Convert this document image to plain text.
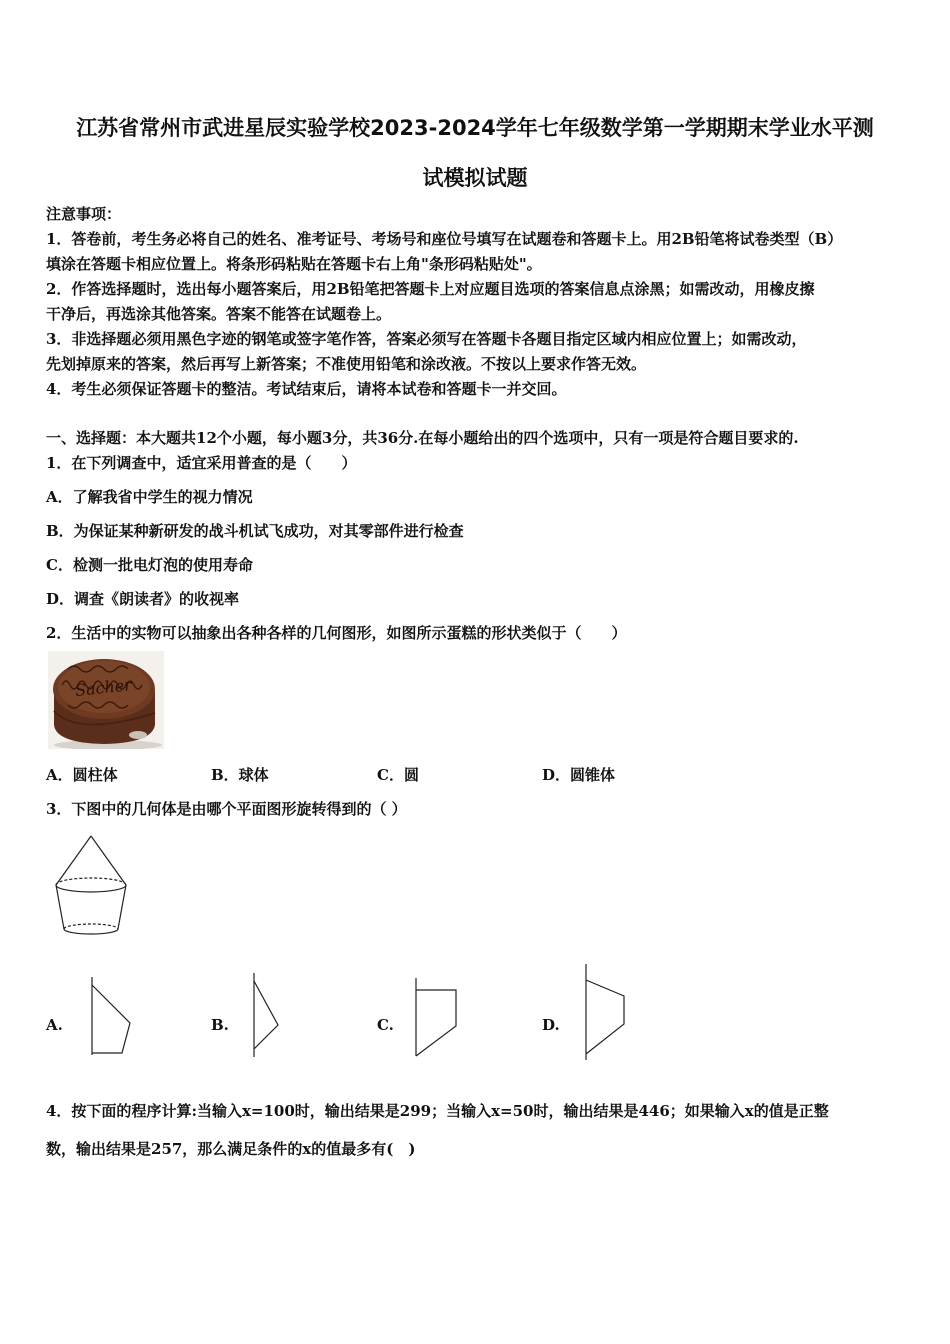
江苏省常州市武进星辰实验学校2023-2024学年七年级数学第一学期期末学业水平测
试模拟试题
注意事项：
1．答卷前，考生务必将自己的姓名、准考证号、考场号和座位号填写在试题卷和答题卡上。用2B铅笔将试卷类型（B）
填涂在答题卡相应位置上。将条形码粘贴在答题卡右上角"条形码粘贴处"。
2．作答选择题时，选出每小题答案后，用2B铅笔把答题卡上对应题目选项的答案信息点涂黑；如需改动，用橡皮擦
干净后，再选涂其他答案。答案不能答在试题卷上。
3．非选择题必须用黑色字迹的钢笔或签字笔作答，答案必须写在答题卡各题目指定区域内相应位置上；如需改动，
先划掉原来的答案，然后再写上新答案；不准使用铅笔和涂改液。不按以上要求作答无效。
4．考生必须保证答题卡的整洁。考试结束后，请将本试卷和答题卡一并交回。
一、选择题：本大题共12个小题，每小题3分，共36分.在每小题给出的四个选项中，只有一项是符合题目要求的.
1．在下列调查中，适宜采用普查的是（　　）
A．了解我省中学生的视力情况
B．为保证某种新研发的战斗机试飞成功，对其零部件进行检查
C．检测一批电灯泡的使用寿命
D．调查《朗读者》的收视率
2．生活中的实物可以抽象出各种各样的几何图形，如图所示蛋糕的形状类似于（　　）
Sacher
A．圆柱体	B．球体	C．圆	D．圆锥体
3．下图中的几何体是由哪个平面图形旋转得到的（ ）
A.	B.	C.	D.
4．按下面的程序计算:当输入x=100时，输出结果是299；当输入x=50时，输出结果是446；如果输入x的值是正整
数，输出结果是257，那么满足条件的x的值最多有(　)
